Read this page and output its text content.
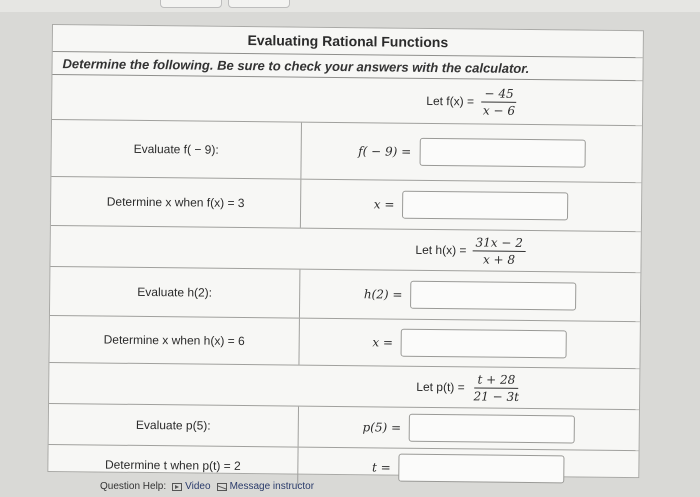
Evaluating Rational Functions
Determine the following. Be sure to check your answers with the calculator.
Let $f(x) = \frac{- 45}{x - 6}$
Evaluate f( − 9):	f( − 9) =
Determine x when f(x) = 3	x =
Let $h(x) = \frac{31x - 2}{x + 8}$
Evaluate h(2):	h(2) =
Determine x when h(x) = 6	x =
Let $p(t) = \frac{t + 28}{21 - 3t}$
Evaluate p(5):	p(5) =
Determine t when p(t) = 2	t =
Question Help: Video Message instructor
